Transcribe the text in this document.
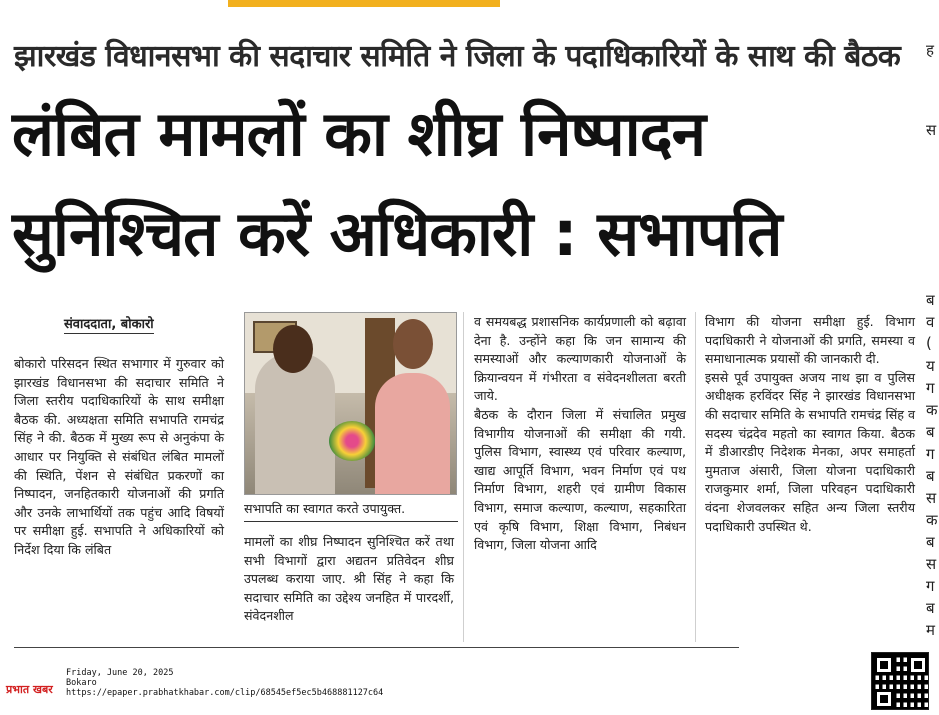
झारखंड विधानसभा की सदाचार समिति ने जिला के पदाधिकारियों के साथ की बैठक
लंबित मामलों का शीघ्र निष्पादन
सुनिश्चित करें अधिकारी : सभापति
ह
स
ब
व
(
य
ग
क
ब
ग
ब
स
क
ब
स
ग
ब
म
संवाददाता, बोकारो

बोकारो परिसदन स्थित सभागार में गुरुवार को झारखंड विधानसभा की सदाचार समिति ने जिला स्तरीय पदाधिकारियों के साथ समीक्षा बैठक की. अध्यक्षता समिति सभापति रामचंद्र सिंह ने की. बैठक में मुख्य रूप से अनुकंपा के आधार पर नियुक्ति से संबंधित लंबित मामलों की स्थिति, पेंशन से संबंधित प्रकरणों का निष्पादन, जनहितकारी योजनाओं की प्रगति और उनके लाभार्थियों तक पहुंच आदि विषयों पर समीक्षा हुई. सभापति ने अधिकारियों को निर्देश दिया कि लंबित

सभापति का स्वागत करते उपायुक्त.

मामलों का शीघ्र निष्पादन सुनिश्चित करें तथा सभी विभागों द्वारा अद्यतन प्रतिवेदन शीघ्र उपलब्ध कराया जाए. श्री सिंह ने कहा कि सदाचार समिति का उद्देश्य जनहित में पारदर्शी, संवेदनशील

व समयबद्ध प्रशासनिक कार्यप्रणाली को बढ़ावा देना है. उन्होंने कहा कि जन सामान्य की समस्याओं और कल्याणकारी योजनाओं के क्रियान्वयन में गंभीरता व संवेदनशीलता बरती जाये.

बैठक के दौरान जिला में संचालित प्रमुख विभागीय योजनाओं की समीक्षा की गयी. पुलिस विभाग, स्वास्थ्य एवं परिवार कल्याण, खाद्य आपूर्ति विभाग, भवन निर्माण एवं पथ निर्माण विभाग, शहरी एवं ग्रामीण विकास विभाग, समाज कल्याण, कल्याण, सहकारिता एवं कृषि विभाग, शिक्षा विभाग, निबंधन विभाग, जिला योजना आदि

विभाग की योजना समीक्षा हुई. विभाग पदाधिकारी ने योजनाओं की प्रगति, समस्या व समाधानात्मक प्रयासों की जानकारी दी.

इससे पूर्व उपायुक्त अजय नाथ झा व पुलिस अधीक्षक हरविंदर सिंह ने झारखंड विधानसभा की सदाचार समिति के सभापति रामचंद्र सिंह व सदस्य चंद्रदेव महतो का स्वागत किया. बैठक में डीआरडीए निदेशक मेनका, अपर समाहर्ता मुमताज अंसारी, जिला योजना पदाधिकारी राजकुमार शर्मा, जिला परिवहन पदाधिकारी वंदना शेजवलकर सहित अन्य जिला स्तरीय पदाधिकारी उपस्थित थे.

प्रभात खबर
Friday, June 20, 2025
Bokaro
https://epaper.prabhatkhabar.com/clip/68545ef5ec5b468881127c64
